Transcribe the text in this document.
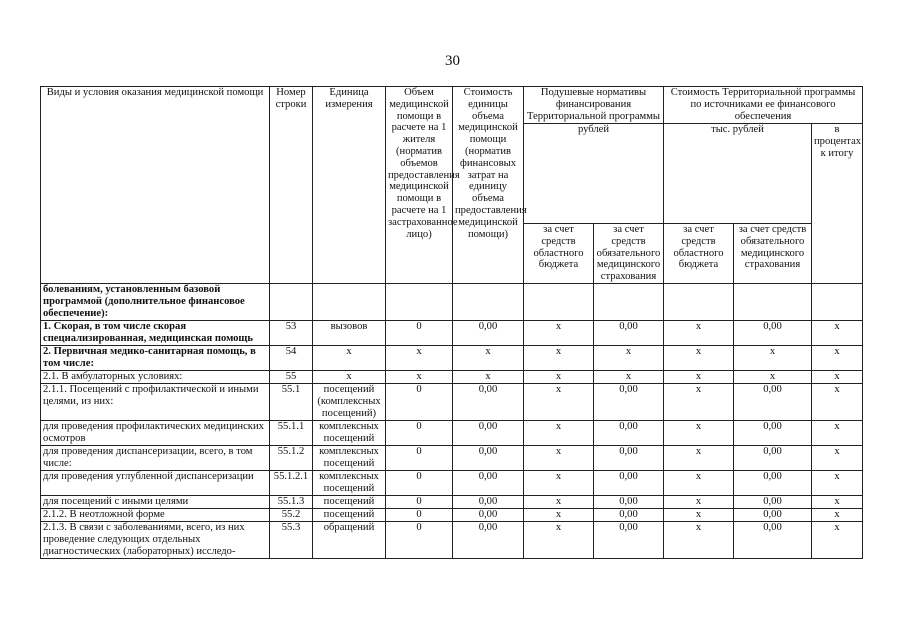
30
Виды и условия оказания медицинской помощи	Номер строки	Единица измерения	Объем медицинской помощи в расчете на 1 жителя (норматив объемов предоставления медицинской помощи в расчете на 1 застрахованное лицо)	Стоимость единицы объема медицинской помощи (норматив финансовых затрат на единицу объема предоставления медицинской помощи)	Подушевые нормативы финансирования Территориальной программы		Стоимость Территориальной программы по источниками ее финансового обеспечения		
					рублей		тыс. рублей		в процентах к итогу
					за счет средств областного бюджета	за счет средств обязательного медицинского страхования	за счет средств областного бюджета	за счет средств обязательного медицинского страхования	
болеваниям, установленным базовой программой (дополнительное финансовое обеспечение):									
1. Скорая, в том числе скорая специализированная, медицинская помощь	53	вызовов	0	0,00	х	0,00	х	0,00	х
2. Первичная медико-санитарная помощь, в том числе:	54	х	х	х	х	х	х	х	х
2.1. В амбулаторных условиях:	55	х	х	х	х	х	х	х	х
2.1.1. Посещений с профилактической и иными целями, из них:	55.1	посещений (комплексных посещений)	0	0,00	х	0,00	х	0,00	х
для проведения профилактических медицинских осмотров	55.1.1	комплексных посещений	0	0,00	х	0,00	х	0,00	х
для проведения диспансеризации, всего, в том числе:	55.1.2	комплексных посещений	0	0,00	х	0,00	х	0,00	х
для проведения углубленной диспансеризации	55.1.2.1	комплексных посещений	0	0,00	х	0,00	х	0,00	х
для посещений с иными целями	55.1.3	посещений	0	0,00	х	0,00	х	0,00	х
2.1.2. В неотложной форме	55.2	посещений	0	0,00	х	0,00	х	0,00	х
2.1.3. В связи с заболеваниями, всего, из них проведение следующих отдельных диагностических (лабораторных) исследо-	55.3	обращений	0	0,00	х	0,00	х	0,00	х
